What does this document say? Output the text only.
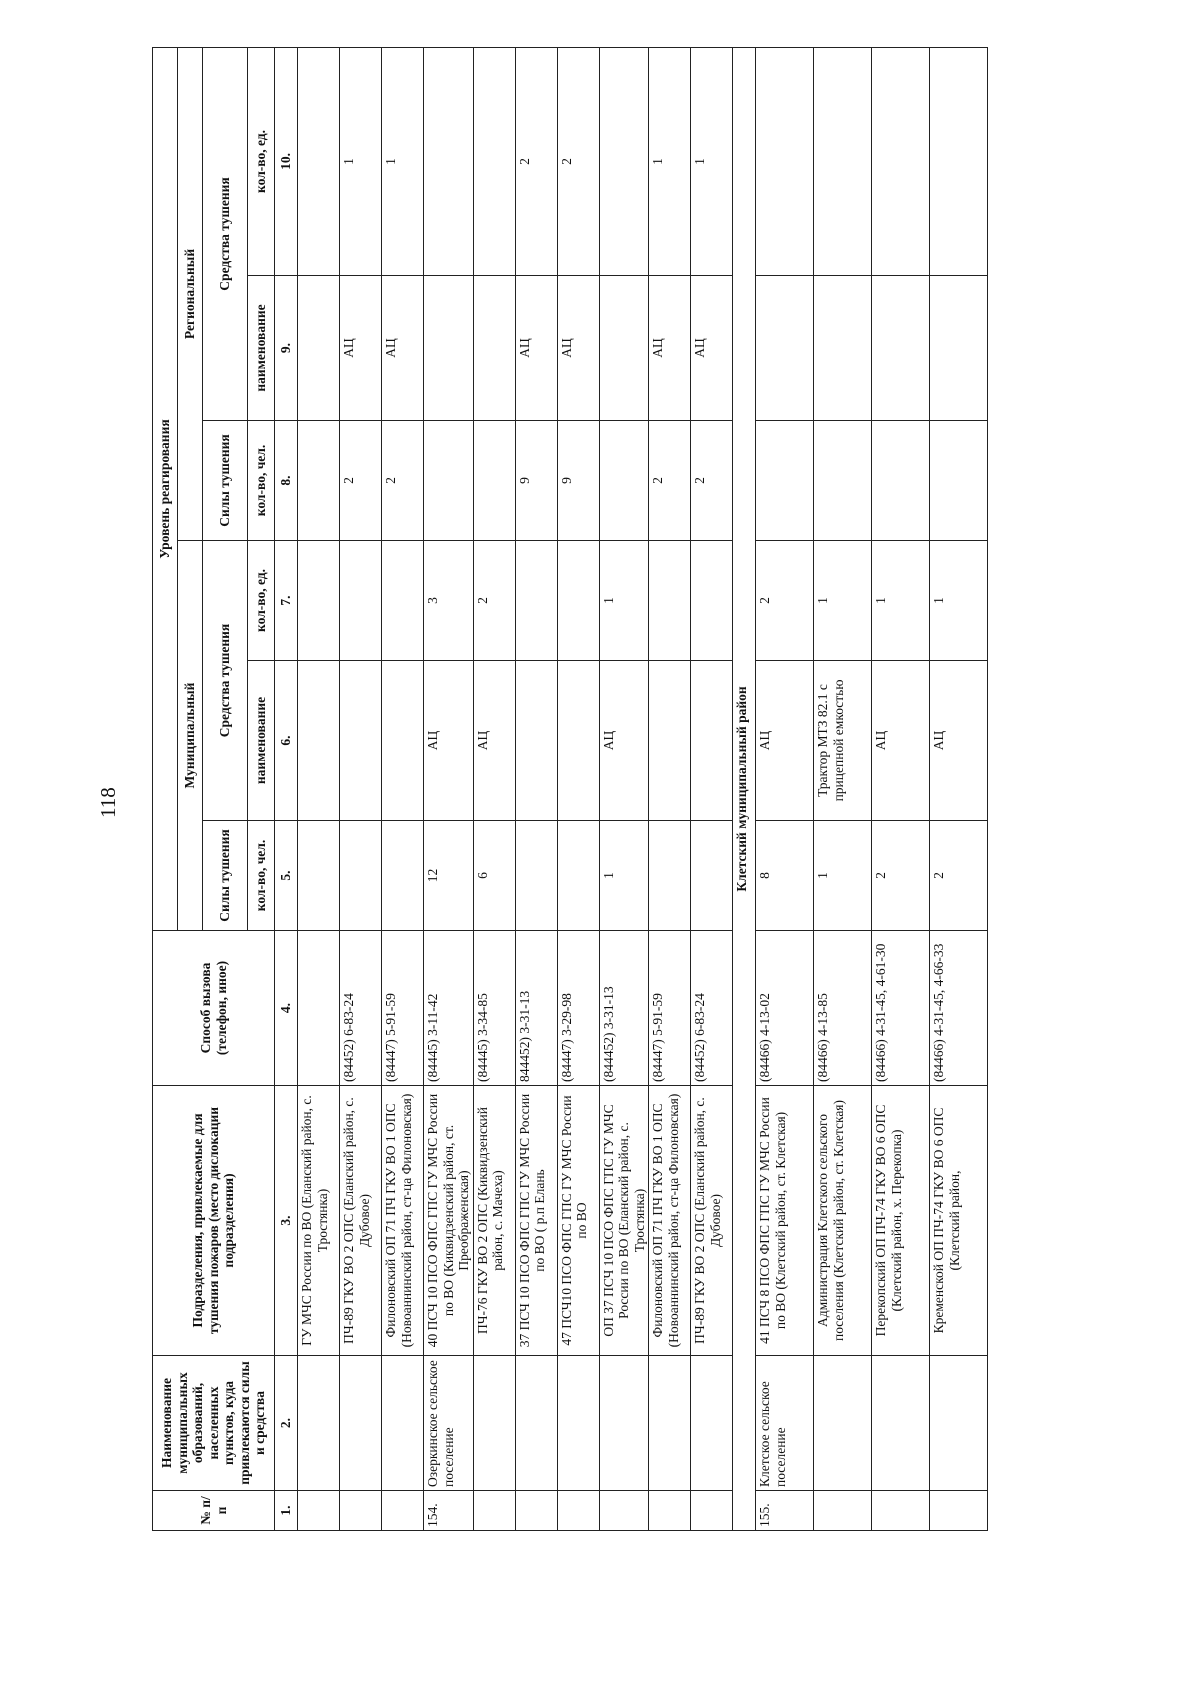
118
№ п/п	Наименование муниципальных образований, населенных пунктов, куда привлекаются силы и средства	Подразделения, привлекаемые для тушения пожаров (место дислокации подразделения)	Способ вызова (телефон, иное)	Уровень реагирования					
				Муниципальный			Региональный		
				Силы тушения	Средства тушения		Силы тушения	Средства тушения	
				кол-во, чел.	наименование	кол-во, ед.	кол-во, чел.	наименование	кол-во, ед.
1.	2.	3.	4.	5.	6.	7.	8.	9.	10.
		ГУ МЧС России по ВО (Еланский район, с. Тростянка)							
		ПЧ-89 ГКУ ВО 2 ОПС (Еланский район, с. Дубовое)	(84452) 6-83-24				2	АЦ	1
		Филоновский ОП 71 ПЧ ГКУ ВО 1 ОПС (Новоаннинский район, ст-ца Филоновская)	(84447) 5-91-59				2	АЦ	1
154.	Озеркинское сельское поселение	40 ПСЧ 10 ПСО ФПС ГПС ГУ МЧС России по ВО (Киквидзенский район, ст. Преображенская)	(84445) 3-11-42	12	АЦ	3			
		ПЧ-76 ГКУ ВО 2 ОПС (Киквидзенский район, с. Мачеха)	(84445) 3-34-85	6	АЦ	2			
		37 ПСЧ 10 ПСО ФПС ГПС ГУ МЧС России по ВО ( р.п Елань	844452) 3-31-13				9	АЦ	2
		47 ПСЧ10 ПСО ФПС ГПС ГУ МЧС России по ВО	(84447) 3-29-98				9	АЦ	2
		ОП 37 ПСЧ 10 ПСО ФПС ГПС ГУ МЧС России по ВО (Еланский район, с. Тростянка)	(844452) 3-31-13	1	АЦ	1			
		Филоновский ОП 71 ПЧ ГКУ ВО 1 ОПС (Новоаннинский район, ст-ца Филоновская)	(84447) 5-91-59				2	АЦ	1
		ПЧ-89 ГКУ ВО 2 ОПС (Еланский район, с. Дубовое)	(84452) 6-83-24				2	АЦ	1
Клетский муниципальный район									
155.	Клетское сельское поселение	41 ПСЧ 8 ПСО ФПС ГПС ГУ МЧС России по ВО (Клетский район, ст. Клетская)	(84466) 4-13-02	8	АЦ	2			
		Администрация Клетского сельского поселения (Клетский район, ст. Клетская)	(84466) 4-13-85	1	Трактор МТЗ 82.1 с прицепной емкостью	1			
		Перекопский ОП ПЧ-74 ГКУ ВО 6 ОПС (Клетский район, х. Перекопка)	(84466) 4-31-45, 4-61-30	2	АЦ	1			
		Кременской ОП ПЧ-74 ГКУ ВО 6 ОПС (Клетский район,	(84466) 4-31-45, 4-66-33	2	АЦ	1			
